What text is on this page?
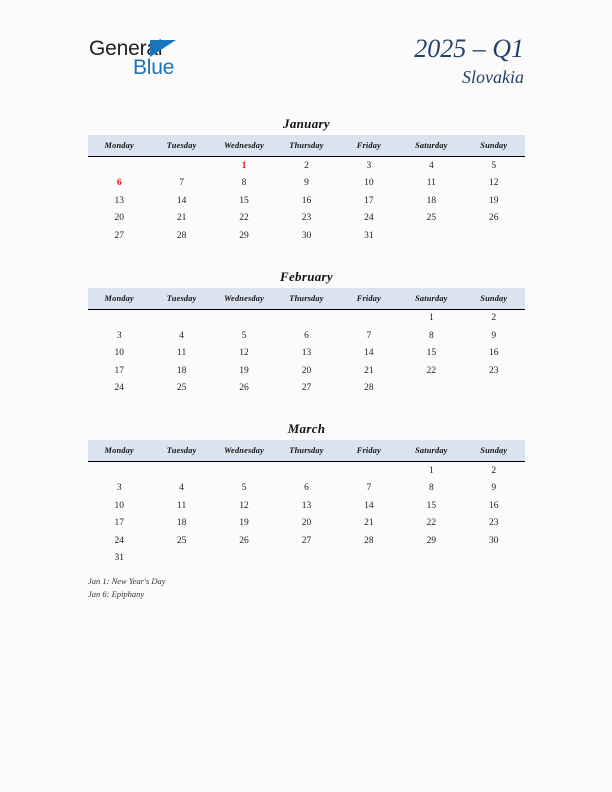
General
Blue
2025 – Q1
Slovakia
January
Monday	Tuesday	Wednesday	Thursday	Friday	Saturday	Sunday
		1	2	3	4	5
6	7	8	9	10	11	12
13	14	15	16	17	18	19
20	21	22	23	24	25	26
27	28	29	30	31		
February
Monday	Tuesday	Wednesday	Thursday	Friday	Saturday	Sunday
					1	2
3	4	5	6	7	8	9
10	11	12	13	14	15	16
17	18	19	20	21	22	23
24	25	26	27	28		
March
Monday	Tuesday	Wednesday	Thursday	Friday	Saturday	Sunday
					1	2
3	4	5	6	7	8	9
10	11	12	13	14	15	16
17	18	19	20	21	22	23
24	25	26	27	28	29	30
31						
Jan 1: New Year's Day
Jan 6: Epiphany
